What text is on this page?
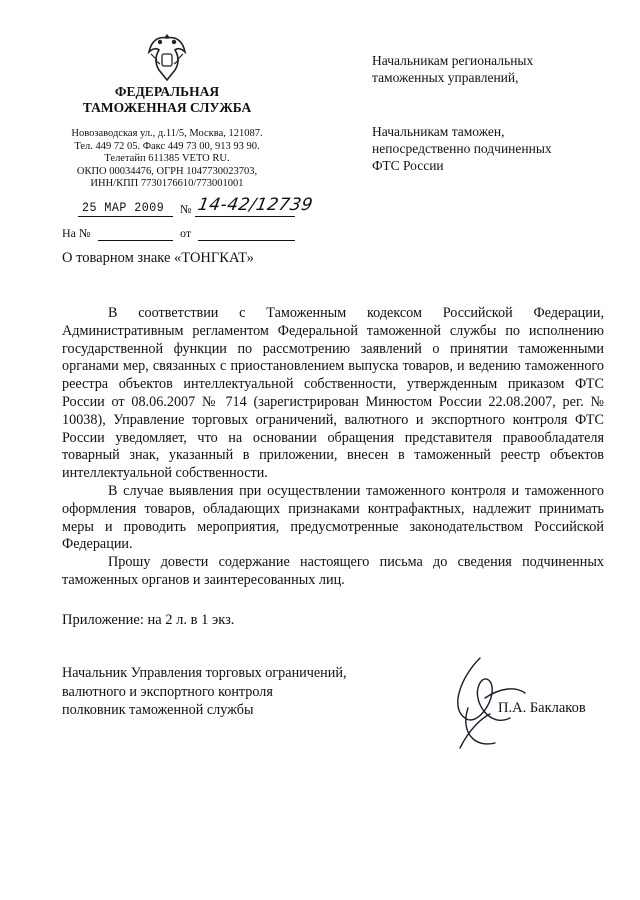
ФЕДЕРАЛЬНАЯ
ТАМОЖЕННАЯ СЛУЖБА
Новозаводская ул., д.11/5, Москва, 121087.
Тел. 449 72 05. Факс 449 73 00, 913 93 90.
Телетайп 611385 VETO RU.
ОКПО 00034476, ОГРН 1047730023703,
ИНН/КПП 7730176610/773001001
25 MAP 2009 № 14-42/12739
На №	от
Начальникам региональных
таможенных управлений,
Начальникам таможен,
непосредственно подчиненных
ФТС России
О товарном знаке «ТОНГКАТ»

В соответствии с Таможенным кодексом Российской Федерации, Административным регламентом Федеральной таможенной службы по исполнению государственной функции по рассмотрению заявлений о принятии таможенными органами мер, связанных с приостановлением выпуска товаров, и ведению таможенного реестра объектов интеллектуальной собственности, утвержденным приказом ФТС России от 08.06.2007 № 714 (зарегистрирован Минюстом России 22.08.2007, рег. № 10038), Управление торговых ограничений, валютного и экспортного контроля ФТС России уведомляет, что на основании обращения представителя правообладателя товарный знак, указанный в приложении, внесен в таможенный реестр объектов интеллектуальной собственности.

В случае выявления при осуществлении таможенного контроля и таможенного оформления товаров, обладающих признаками контрафактных, надлежит принимать меры и проводить мероприятия, предусмотренные законодательством Российской Федерации.

Прошу довести содержание настоящего письма до сведения подчиненных таможенных органов и заинтересованных лиц.

Приложение: на 2 л. в 1 экз.
Начальник Управления торговых ограничений,
валютного и экспортного контроля
полковник таможенной службы	П.А. Баклаков
